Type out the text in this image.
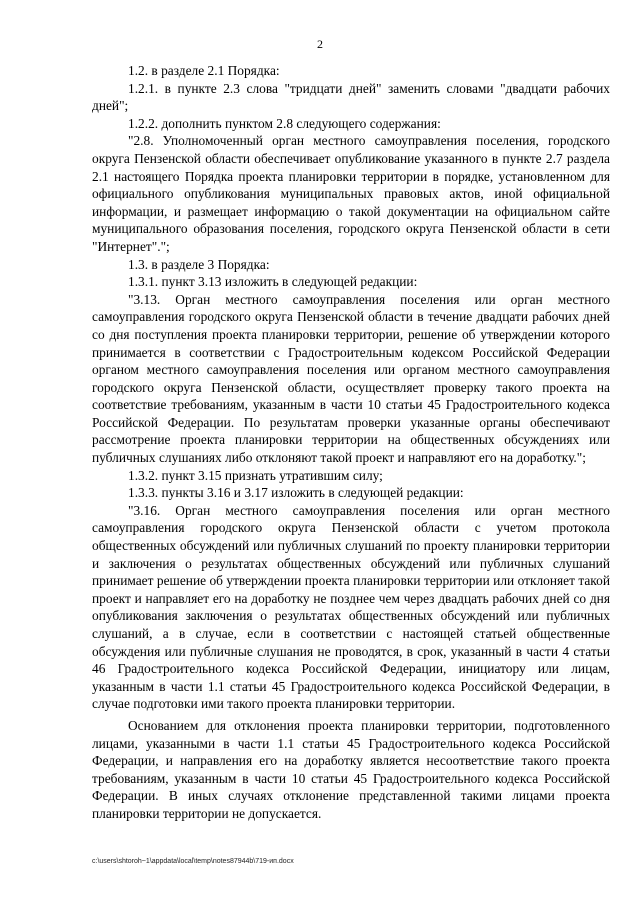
2

1.2. в разделе 2.1 Порядка:

1.2.1. в пункте 2.3 слова "тридцати дней" заменить словами "двадцати рабочих дней";

1.2.2. дополнить пунктом 2.8 следующего содержания:

"2.8. Уполномоченный орган местного самоуправления поселения, городского округа Пензенской области обеспечивает опубликование указанного в пункте 2.7 раздела 2.1 настоящего Порядка проекта планировки территории в порядке, установленном для официального опубликования муниципальных правовых актов, иной официальной информации, и размещает информацию о такой документации на официальном сайте муниципального образования поселения, городского округа Пензенской области в сети "Интернет".";

1.3. в разделе 3 Порядка:

1.3.1. пункт 3.13 изложить в следующей редакции:

"3.13. Орган местного самоуправления поселения или орган местного самоуправления городского округа Пензенской области в течение двадцати рабочих дней со дня поступления проекта планировки территории, решение об утверждении которого принимается в соответствии с Градостроительным кодексом Российской Федерации органом местного самоуправления поселения или органом местного самоуправления городского округа Пензенской области, осуществляет проверку такого проекта на соответствие требованиям, указанным в части 10 статьи 45 Градостроительного кодекса Российской Федерации. По результатам проверки указанные органы обеспечивают рассмотрение проекта планировки территории на общественных обсуждениях или публичных слушаниях либо отклоняют такой проект и направляют его на доработку.";

1.3.2. пункт 3.15 признать утратившим силу;

1.3.3. пункты 3.16 и 3.17 изложить в следующей редакции:

"3.16. Орган местного самоуправления поселения или орган местного самоуправления городского округа Пензенской области с учетом протокола общественных обсуждений или публичных слушаний по проекту планировки территории и заключения о результатах общественных обсуждений или публичных слушаний принимает решение об утверждении проекта планировки территории или отклоняет такой проект и направляет его на доработку не позднее чем через двадцать рабочих дней со дня опубликования заключения о результатах общественных обсуждений или публичных слушаний, а в случае, если в соответствии с настоящей статьей общественные обсуждения или публичные слушания не проводятся, в срок, указанный в части 4 статьи 46 Градостроительного кодекса Российской Федерации, инициатору или лицам, указанным в части 1.1 статьи 45 Градостроительного кодекса Российской Федерации, в случае подготовки ими такого проекта планировки территории.

Основанием для отклонения проекта планировки территории, подготовленного лицами, указанными в части 1.1 статьи 45 Градостроительного кодекса Российской Федерации, и направления его на доработку является несоответствие такого проекта требованиям, указанным в части 10 статьи 45 Градостроительного кодекса Российской Федерации. В иных случаях отклонение представленной такими лицами проекта планировки территории не допускается.

c:\users\shtoroh~1\appdata\local\temp\notes87944b\719-ип.docx
